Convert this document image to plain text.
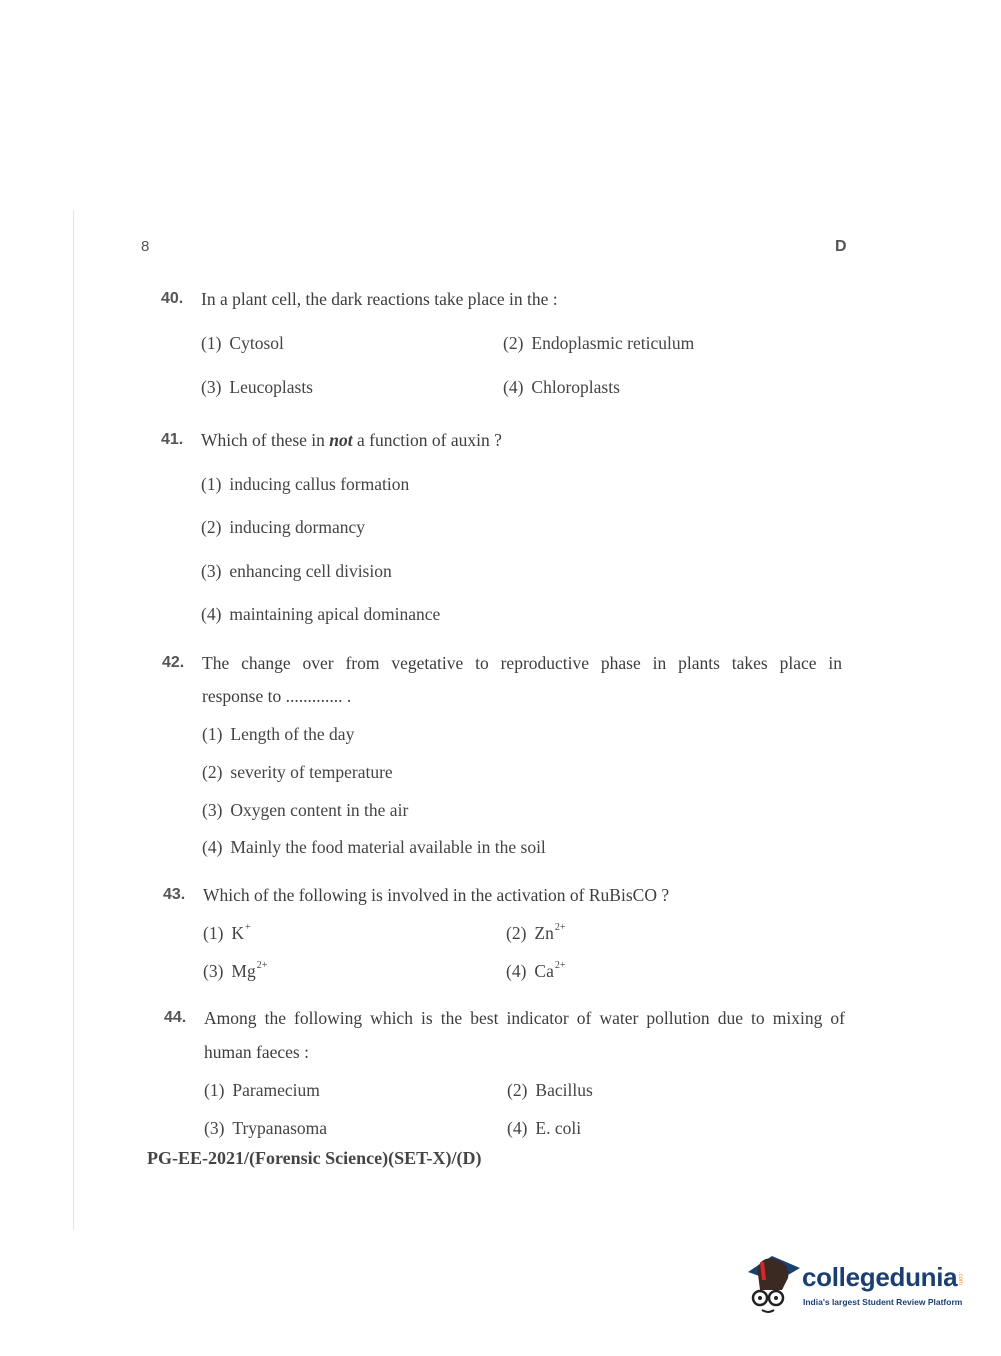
8	D
40. In a plant cell, the dark reactions take place in the :
(1) Cytosol	(2) Endoplasmic reticulum
(3) Leucoplasts	(4) Chloroplasts
41. Which of these in not a function of auxin ?
(1) inducing callus formation
(2) inducing dormancy
(3) enhancing cell division
(4) maintaining apical dominance
42. The change over from vegetative to reproductive phase in plants takes place in
response to ............. .
(1) Length of the day
(2) severity of temperature
(3) Oxygen content in the air
(4) Mainly the food material available in the soil
43. Which of the following is involved in the activation of RuBisCO ?
(1) K+	(2) $Zn^{2+}$
(3) $Mg^{2+}$	(4) $Ca^{2+}$
44. Among the following which is the best indicator of water pollution due to mixing of
human faeces :
(1) Paramecium	(2) Bacillus
(3) Trypanasoma	(4) E. coli
PG-EE-2021/(Forensic Science)(SET-X)/(D)
collegedunia .com
India's largest Student Review Platform
